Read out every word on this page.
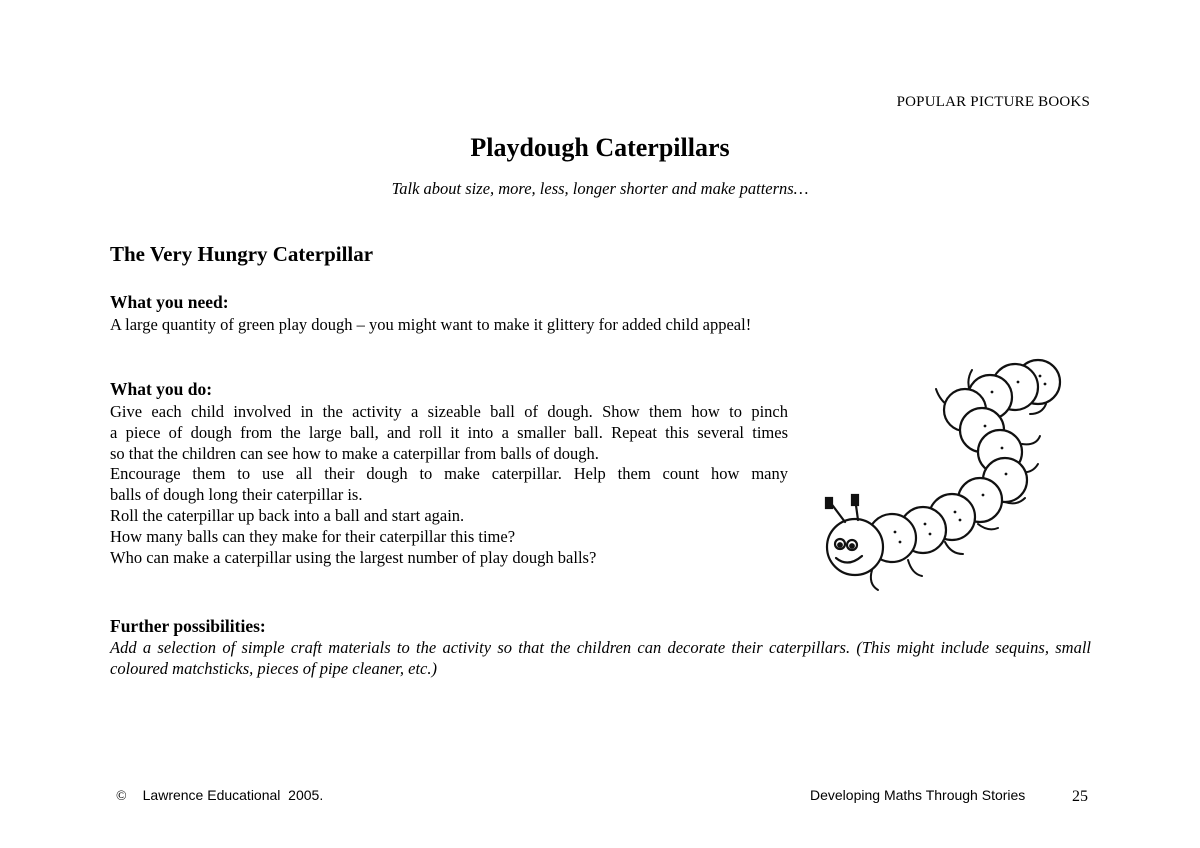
POPULAR PICTURE BOOKS
Playdough Caterpillars
Talk about size, more, less, longer shorter and make patterns…
The Very Hungry Caterpillar
What you need:

A large quantity of green play dough – you might want to make it glittery for added child appeal!

What you do:
Give each child involved in the activity a sizeable ball of dough. Show them how to pinch
a piece of dough from the large ball, and roll it into a smaller ball. Repeat this several times
so that the children can see how to make a caterpillar from balls of dough.
Encourage them to use all their dough to make caterpillar. Help them count how many
balls of dough long their caterpillar is.
Roll the caterpillar up back into a ball and start again.
How many balls can they make for their caterpillar this time?
Who can make a caterpillar using the largest number of play dough balls?
Further possibilities:

Add a selection of simple craft materials to the activity so that the children can decorate their caterpillars. (This might include sequins, small coloured matchsticks, pieces of pipe cleaner, etc.)

© Lawrence Educational  2005.	Developing Maths Through Stories	25
